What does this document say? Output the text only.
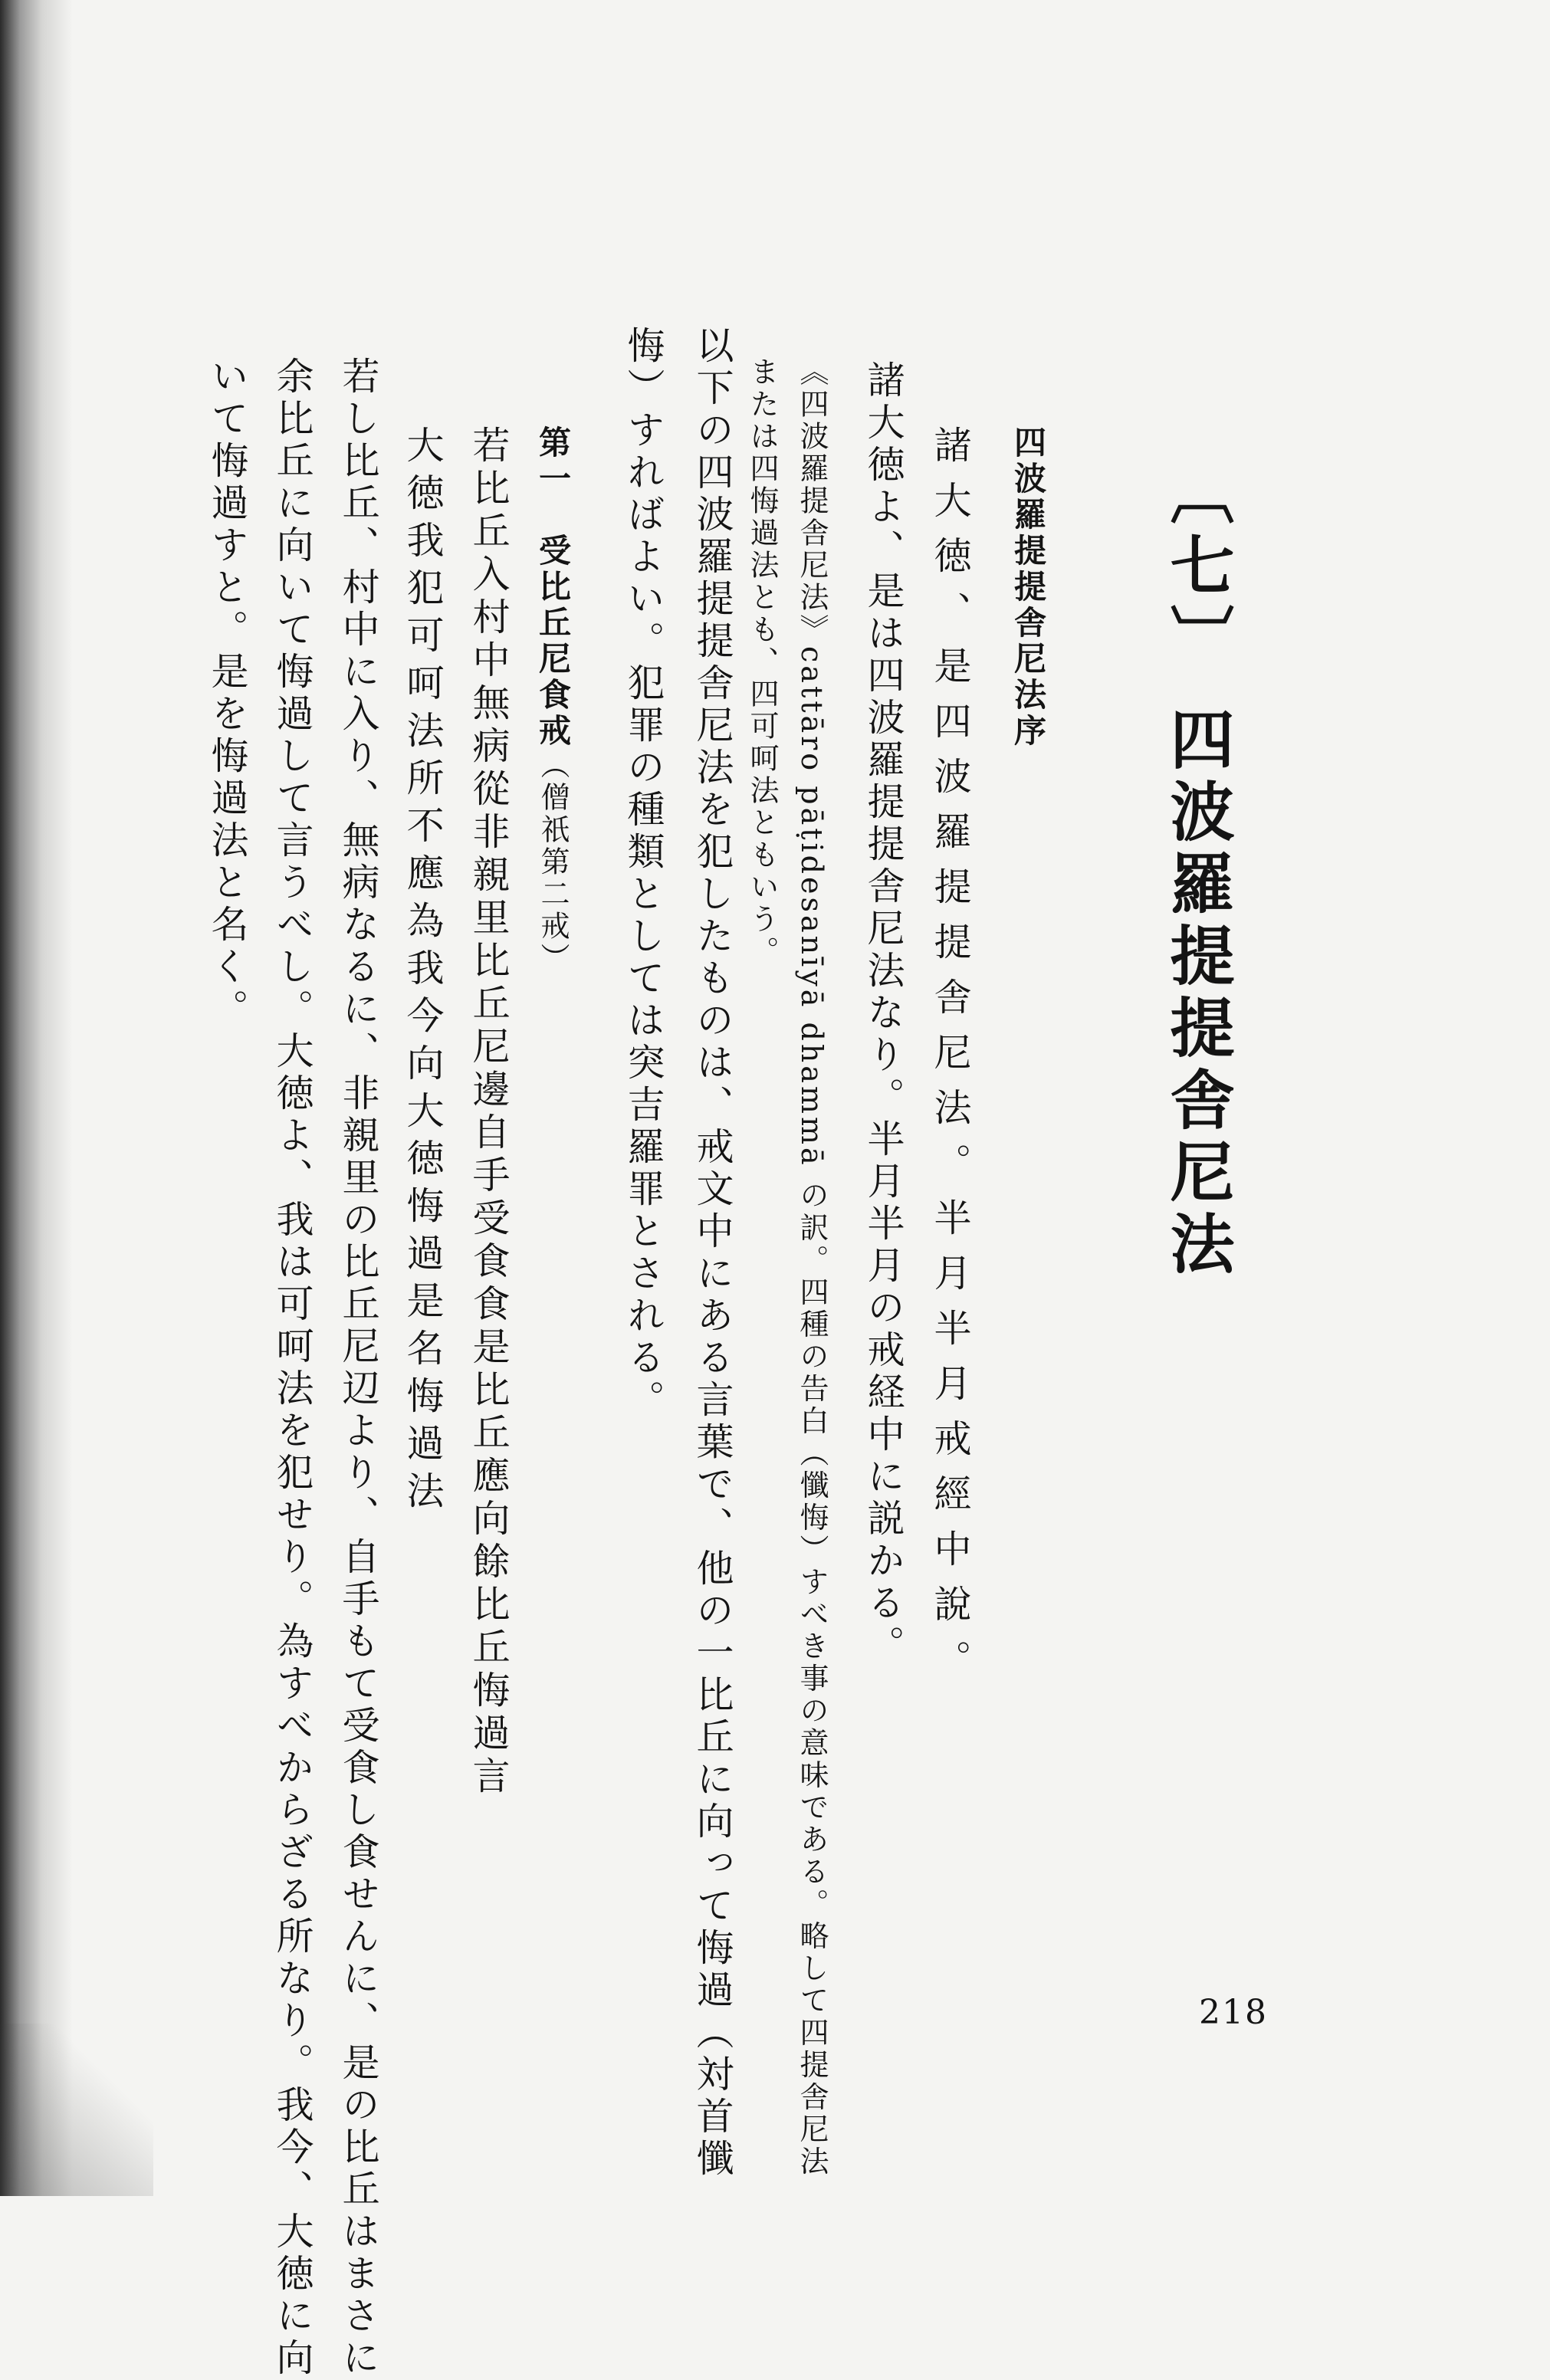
〔七〕 四波羅提提舎尼法
四波羅提提舎尼法序
諸大徳、是四波羅提提舎尼法。半月半月戒經中說。
諸大徳よ、是は四波羅提提舎尼法なり。半月半月の戒経中に説かる。
《四波羅提舎尼法》cattāro pāṭidesanīyā dhammā の訳。四種の告白（懺悔）すべき事の意味である。略して四提舎尼法
または四悔過法とも、四可呵法ともいう。
以下の四波羅提提舎尼法を犯したものは、戒文中にある言葉で、他の一比丘に向って悔過（対首懺
悔）すればよい。犯罪の種類としては突吉羅罪とされる。
第一　受比丘尼食戒（僧祇第二戒）
若比丘入村中無病從非親里比丘尼邊自手受食食是比丘應向餘比丘悔過言
大徳我犯可呵法所不應為我今向大徳悔過是名悔過法
若し比丘、村中に入り、無病なるに、非親里の比丘尼辺より、自手もて受食し食せんに、是の比丘はまさに
余比丘に向いて悔過して言うべし。大徳よ、我は可呵法を犯せり。為すべからざる所なり。我今、大徳に向
いて悔過すと。是を悔過法と名く。
218
